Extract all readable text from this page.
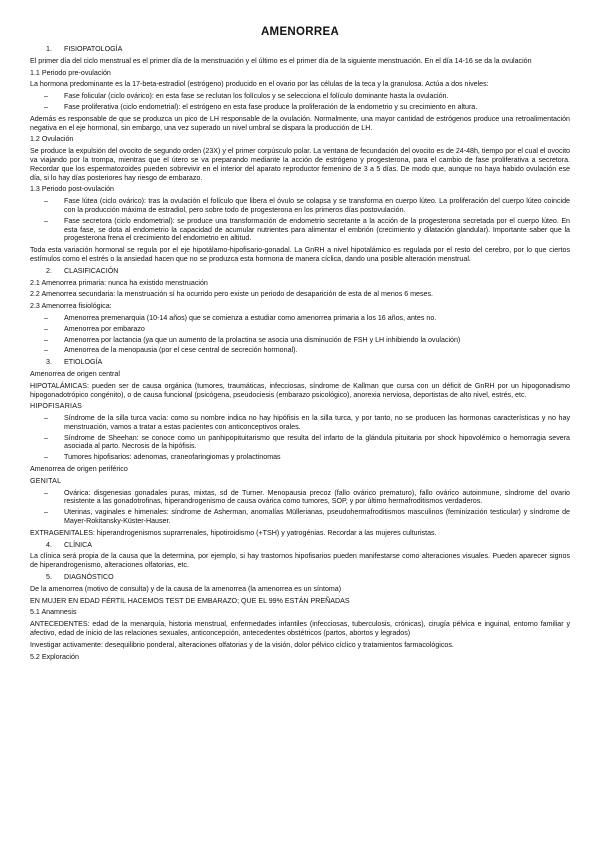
AMENORREA
1. FISIOPATOLOGÍA

El primer día del ciclo menstrual es el primer día de la menstruación y el último es el primer día de la siguiente menstruación. En el día 14-16 se da la ovulación

1.1 Periodo pre-ovulación

La hormona predominante es la 17-beta-estradiol (estrógeno) producido en el ovario por las células de la teca y la granulosa. Actúa a dos niveles:

– Fase folicular (ciclo ovárico): en esta fase se reclutan los folículos y se selecciona el folículo dominante hasta la ovulación.
– Fase proliferativa (ciclo endometrial): el estrógeno en esta fase produce la proliferación de la endometrio y su crecimiento en altura.

Además es responsable de que se produzca un pico de LH responsable de la ovulación. Normalmente, una mayor cantidad de estrógenos produce una retroalimentación negativa en el eje hormonal, sin embargo, una vez superado un nivel umbral se dispara la producción de LH.

1.2 Ovulación

Se produce la expulsión del ovocito de segundo orden (23X) y el primer corpúsculo polar. La ventana de fecundación del ovocito es de 24-48h, tiempo por el cual el ovocito va viajando por la trompa, mientras que el útero se va preparando mediante la acción de estrógeno y progesterona, para el cambio de fase proliferativa a secretora. Recordar que los espermatozoides pueden sobrevivir en el interior del aparato reproductor femenino de 3 a 5 días. De modo que, aunque no haya habido ovulación ese día, si lo hay días posteriores hay riesgo de embarazo.

1.3 Periodo post-ovulación
– Fase lútea (ciclo ovárico): tras la ovulación el folículo que libera el óvulo se colapsa y se transforma en cuerpo lúteo. La proliferación del cuerpo lúteo coincide con la producción máxima de estradiol, pero sobre todo de progesterona en los primeros días postovulación.
– Fase secretora (ciclo endometrial): se produce una transformación de endometrio secretante a la acción de la progesterona secretada por el cuerpo lúteo. En esta fase, se dota al endometrio la capacidad de acumular nutrientes para alimentar el embrión (crecimiento y dilatación glandular). Importante saber que la progesterona frena el crecimiento del endometrio en altitud.

Toda esta variación hormonal se regula por el eje hipotálamo-hipofisario-gonadal. La GnRH a nivel hipotalámico es regulada por el resto del cerebro, por lo que ciertos estímulos como el estrés o la ansiedad hacen que no se produzca esta hormona de manera cíclica, dando una posible alteración menstrual.

2. CLASIFICACIÓN
2.1 Amenorrea primaria: nunca ha existido menstruación
2.2 Amenorrea secundaria: la menstruación sí ha ocurrido pero existe un periodo de desaparición de esta de al menos 6 meses.
2.3 Amenorrea fisiológica:
– Amenorrea premenarquia (10-14 años) que se comienza a estudiar como amenorrea primaria a los 16 años, antes no.
– Amenorrea por embarazo
– Amenorrea por lactancia (ya que un aumento de la prolactina se asocia una disminución de FSH y LH inhibiendo la ovulación)
– Amenorrea de la menopausia (por el cese central de secreción hormonal).
3. ETIOLOGÍA
Amenorrea de origen central

HIPOTALÁMICAS: pueden ser de causa orgánica (tumores, traumáticas, infecciosas, síndrome de Kallman que cursa con un déficit de GnRH por un hipogonadismo hipogonadotrópico congénito), o de causa funcional (psicógena, pseudociesis (embarazo psicológico), anorexia nerviosa, deportistas de alto nivel, estrés, etc.

HIPOFISARIAS
– Síndrome de la silla turca vacía: como su nombre indica no hay hipófisis en la silla turca, y por tanto, no se producen las hormonas características y no hay menstruación, vamos a tratar a estas pacientes con anticonceptivos orales.
– Síndrome de Sheehan: se conoce como un panhipopituitarismo que resulta del infarto de la glándula pituitaria por shock hipovolémico o hemorragia severa asociada al parto. Necrosis de la hipófisis.
– Tumores hipofisarios: adenomas, craneofaringiomas y prolactinomas
Amenorrea de origen periférico
GENITAL
– Ovárica: disgenesias gonadales puras, mixtas, sd de Turner. Menopausia precoz (fallo ovárico prematuro), fallo ovárico autoinmune, síndrome del ovario resistente a las gonadotrofinas, hiperandrogenismo de causa ovárica como tumores, SOP, y por último hermafroditismos verdaderos.
– Uterinas, vaginales e himenales: síndrome de Asherman, anomalías Müllerianas, pseudohermafroditismos masculinos (feminización testicular) y síndrome de Mayer-Rokitansky-Küster-Hauser.

EXTRAGENITALES: hiperandrogenismos suprarrenales, hipotiroidismo (+TSH) y yatrogénias. Recordar a las mujeres culturistas.

4. CLÍNICA

La clínica será propia de la causa que la determina, por ejemplo, si hay trastornos hipofisarios pueden manifestarse como alteraciones visuales. Pueden aparecer signos de hiperandrogenismo, alteraciones olfatorias, etc.

5. DIAGNÓSTICO

De la amenorrea (motivo de consulta) y de la causa de la amenorrea (la amenorrea es un síntoma)

EN MUJER EN EDAD FÉRTIL HACEMOS TEST DE EMBARAZO; QUE EL 99% ESTÁN PREÑADAS

5.1 Anamnesis

ANTECEDENTES: edad de la menarquía, historia menstrual, enfermedades infantiles (infecciosas, tuberculosis, crónicas), cirugía pélvica e inguinal, entorno familiar y afectivo, edad de inicio de las relaciones sexuales, anticoncepción, antecedentes obstétricos (partos, abortos y legrados)

Investigar activamente: desequilibrio ponderal, alteraciones olfatorias y de la visión, dolor pélvico cíclico y tratamientos farmacológicos.

5.2 Exploración
